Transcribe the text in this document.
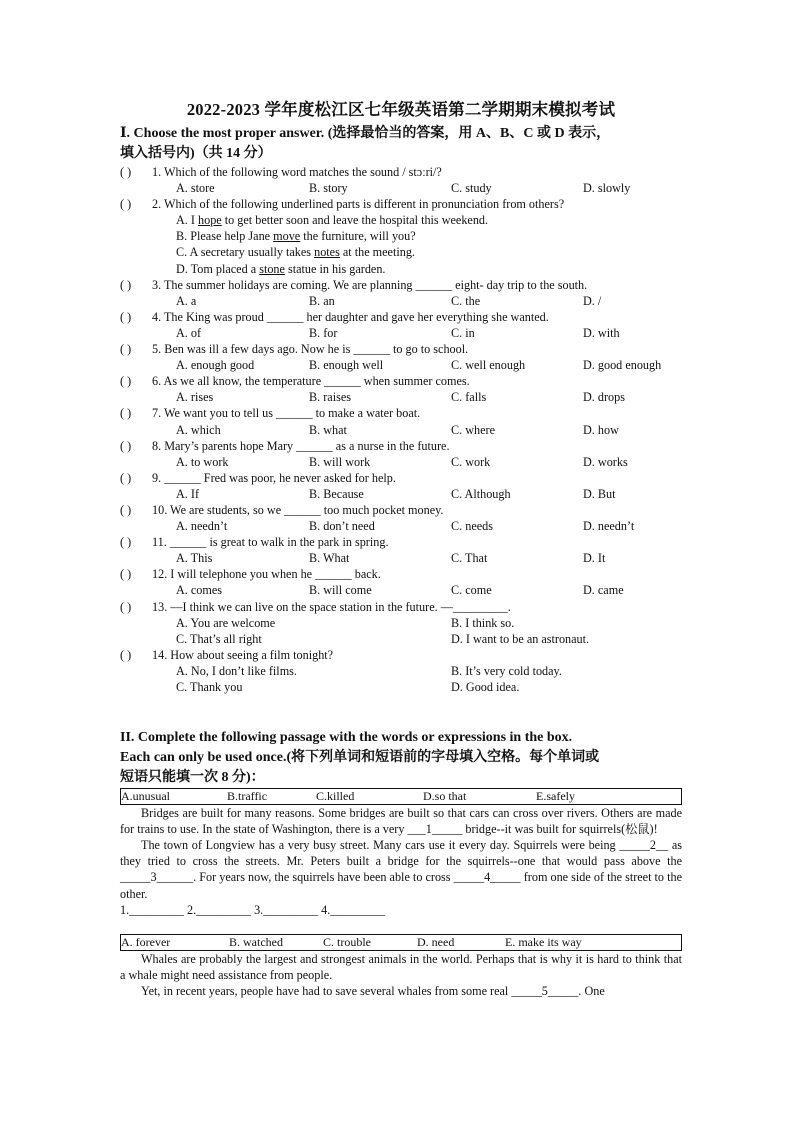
2022-2023 学年度松江区七年级英语第二学期期末模拟考试
Ⅰ. Choose the most proper answer. (选择最恰当的答案，用 A、B、C 或 D 表示，
填入括号内)（共 14 分）
( ) 1. Which of the following word matches the sound / stɔːri/?
A. store	B. story	C. study	D. slowly
( ) 2. Which of the following underlined parts is different in pronunciation from others?
A. I hope to get better soon and leave the hospital this weekend.
B. Please help Jane move the furniture, will you?
C. A secretary usually takes notes at the meeting.
D. Tom placed a stone statue in his garden.
( ) 3. The summer holidays are coming. We are planning ______ eight- day trip to the south.
A. a	B. an	C. the	D. /
( ) 4. The King was proud ______ her daughter and gave her everything she wanted.
A. of	B. for	C. in	D. with
( ) 5. Ben was ill a few days ago. Now he is ______ to go to school.
A. enough good	B. enough well	C. well enough	D. good enough
( ) 6. As we all know, the temperature ______ when summer comes.
A. rises	B. raises	C. falls	D. drops
( ) 7. We want you to tell us ______ to make a water boat.
A. which	B. what	C. where	D. how
( ) 8. Mary’s parents hope Mary ______ as a nurse in the future.
A. to work	B. will work	C. work	D. works
( ) 9. ______ Fred was poor, he never asked for help.
A. If	B. Because	C. Although	D. But
( ) 10. We are students, so we ______ too much pocket money.
A. needn’t	B. don’t need	C. needs	D. needn’t
( ) 11. ______ is great to walk in the park in spring.
A. This	B. What	C. That	D. It
( ) 12. I will telephone you when he ______ back.
A. comes	B. will come	C. come	D. came
( ) 13. —I think we can live on the space station in the future. —_________.
A. You are welcome	B. I think so.
C. That’s all right	D. I want to be an astronaut.
( ) 14. How about seeing a film tonight?
A. No, I don’t like films.	B. It’s very cold today.
C. Thank you	D. Good idea.
II. Complete the following passage with the words or expressions in the box.
Each can only be used once.(将下列单词和短语前的字母填入空格。每个单词或
短语只能填一次 8 分)：
A.unusual	B.traffic	C.killed	D.so that	E.safely

Bridges are built for many reasons. Some bridges are built so that cars can cross over rivers. Others are made for trains to use. In the state of Washington, there is a very ___1_____ bridge--it was built for squirrels(松鼠)!

The town of Longview has a very busy street. Many cars use it every day. Squirrels were being _____2__ as they tried to cross the streets. Mr. Peters built a bridge for the squirrels--one that would pass above the _____3______. For years now, the squirrels have been able to cross _____4_____ from one side of the street to the other.

1._________ 2._________ 3._________ 4._________
A. forever	B. watched	C. trouble	D. need	E. make its way

Whales are probably the largest and strongest animals in the world. Perhaps that is why it is hard to think that a whale might need assistance from people.

Yet, in recent years, people have had to save several whales from some real _____5_____. One
